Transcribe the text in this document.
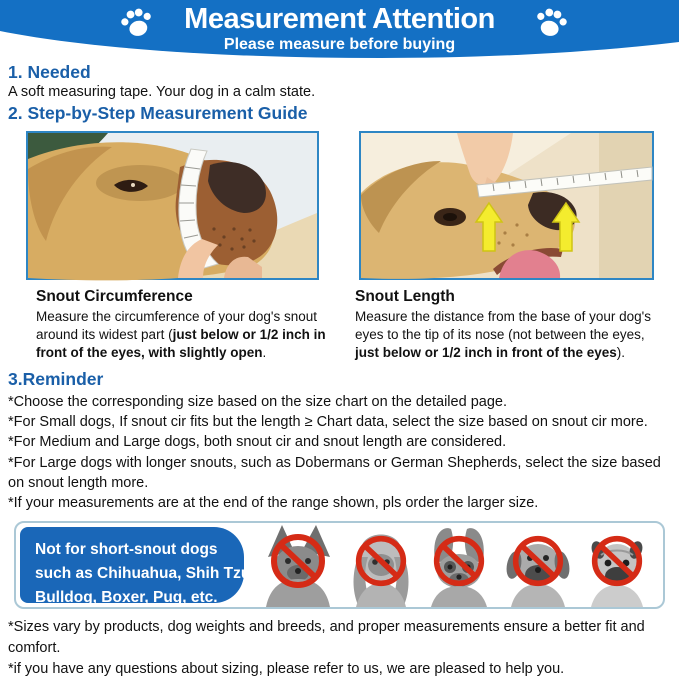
Measurement Attention
Please measure before buying
1. Needed

A soft measuring tape. Your dog in a calm state.

2. Step-by-Step Measurement Guide
Snout Circumference

Measure the circumference of your dog's snout around its widest part (just below or 1/2 inch in front of the eyes, with slightly open.

Snout Length

Measure the distance from the base of your dog's eyes to the tip of its nose (not between the eyes, just below or 1/2 inch in front of the eyes).

3.Reminder

*Choose the corresponding size based on the size chart on the detailed page.

*For Small dogs, If snout cir fits but the length ≥ Chart data, select the size based on snout cir more.

*For Medium and Large dogs, both snout cir and snout length are considered.

*For Large dogs with longer snouts, such as Dobermans or German Shepherds, select the size based on snout length more.

*If your measurements are at the end of the range shown, pls order the larger size.

Not for short-snout dogs
such as Chihuahua, Shih Tzu,
Bulldog, Boxer, Pug, etc.

*Sizes vary by products, dog weights and breeds, and proper measurements ensure a better fit and comfort.

*if you have any questions about sizing, please refer to us, we are pleased to help you.
